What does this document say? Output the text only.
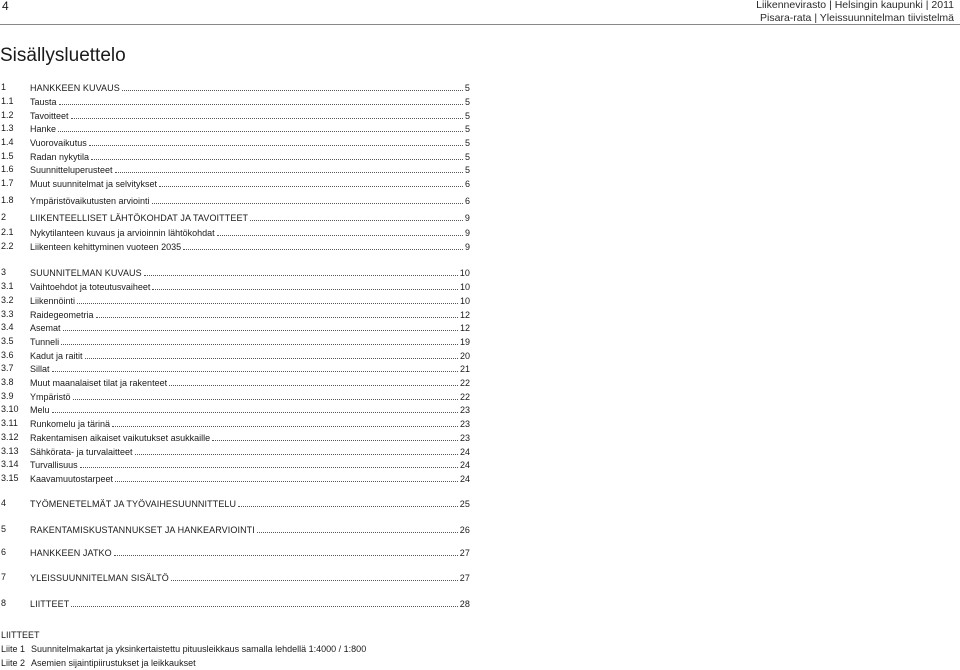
4	Liikennevirasto | Helsingin kaupunki | 2011
Pisara-rata | Yleissuunnitelman tiivistelmä
Sisällysluettelo
1	HANKKEEN KUVAUS	5
1.1 Tausta	5
1.2 Tavoitteet	5
1.3 Hanke	5
1.4 Vuorovaikutus	5
1.5 Radan nykytila	5
1.6 Suunnitteluperusteet	5
1.7 Muut suunnitelmat ja selvitykset	6
1.8 Ympäristövaikutusten arviointi	6
2	LIIKENTEELLISET LÄHTÖKOHDAT JA TAVOITTEET	9
2.1 Nykytilanteen kuvaus ja arvioinnin lähtökohdat	9
2.2 Liikenteen kehittyminen vuoteen 2035	9
3	SUUNNITELMAN KUVAUS	10
3.1 Vaihtoehdot ja toteutusvaiheet	10
3.2 Liikennöinti	10
3.3 Raidegeometria	12
3.4 Asemat	12
3.5 Tunneli	19
3.6 Kadut ja raitit	20
3.7 Sillat	21
3.8 Muut maanalaiset tilat ja rakenteet	22
3.9 Ympäristö	22
3.10 Melu	23
3.11 Runkomelu ja tärinä	23
3.12 Rakentamisen aikaiset vaikutukset asukkaille	23
3.13 Sähkörata- ja turvalaitteet	24
3.14 Turvallisuus	24
3.15 Kaavamuutostarpeet	24
4	TYÖMENETELMÄT JA TYÖVAIHESUUNNITTELU	25
5	RAKENTAMISKUSTANNUKSET JA HANKEARVIOINTI	26
6	HANKKEEN JATKO	27
7	YLEISSUUNNITELMAN SISÄLTÖ	27
8	LIITTEET	28
LIITTEET
Liite 1 Suunnitelmakartat ja yksinkertaistettu pituusleikkaus samalla lehdellä 1:4000 / 1:800
Liite 2 Asemien sijaintipiirustukset ja leikkaukset
